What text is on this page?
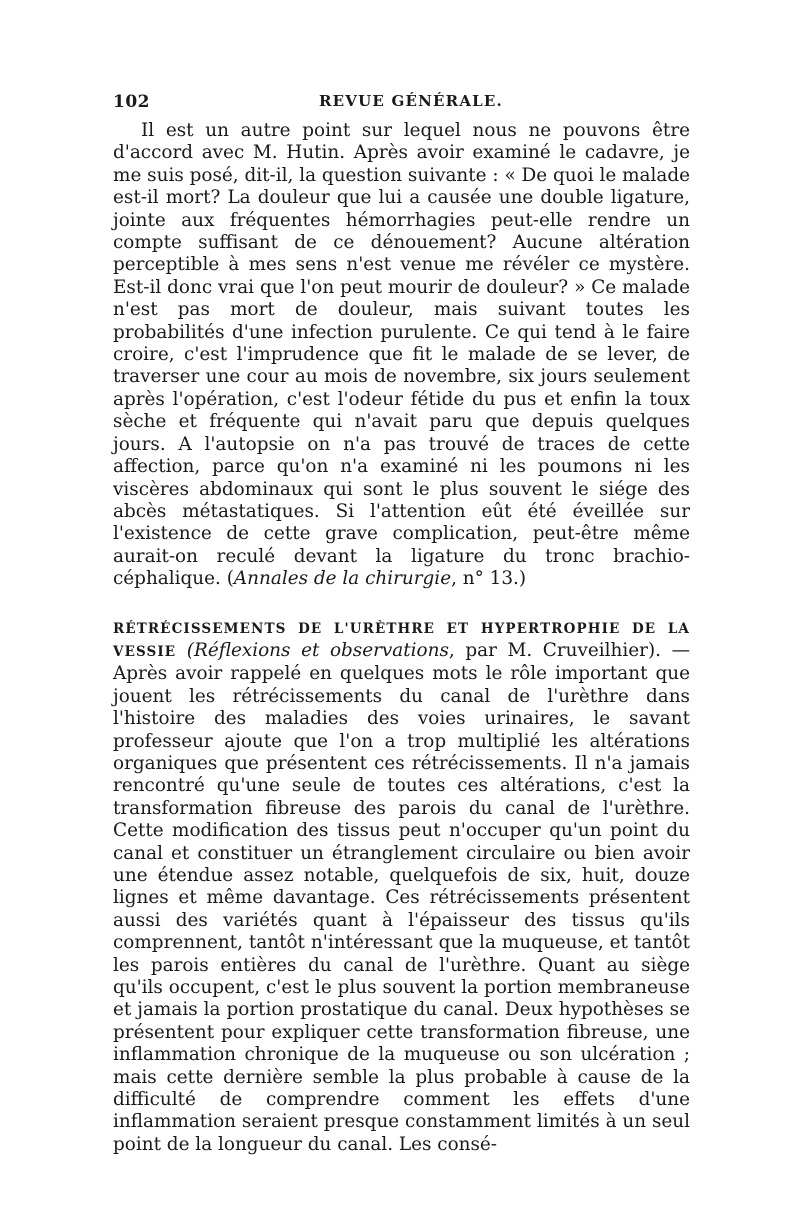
102	REVUE GÉNÉRALE.

Il est un autre point sur lequel nous ne pouvons être d'accord avec M. Hutin. Après avoir examiné le cadavre, je me suis posé, dit-il, la question suivante : « De quoi le malade est-il mort? La douleur que lui a causée une double ligature, jointe aux fréquentes hémorrhagies peut-elle rendre un compte suffisant de ce dénouement? Aucune altération perceptible à mes sens n'est venue me révéler ce mystère. Est-il donc vrai que l'on peut mourir de douleur? » Ce malade n'est pas mort de douleur, mais suivant toutes les probabilités d'une infection purulente. Ce qui tend à le faire croire, c'est l'imprudence que fit le malade de se lever, de traverser une cour au mois de novembre, six jours seulement après l'opération, c'est l'odeur fétide du pus et enfin la toux sèche et fréquente qui n'avait paru que depuis quelques jours. A l'autopsie on n'a pas trouvé de traces de cette affection, parce qu'on n'a examiné ni les poumons ni les viscères abdominaux qui sont le plus souvent le siége des abcès métastatiques. Si l'attention eût été éveillée sur l'existence de cette grave complication, peut-être même aurait-on reculé devant la ligature du tronc brachio-céphalique. (Annales de la chirurgie, n° 13.)

RÉTRÉCISSEMENTS DE L'URÈTHRE ET HYPERTROPHIE DE LA VESSIE (Réflexions et observations, par M. Cruveilhier). — Après avoir rappelé en quelques mots le rôle important que jouent les rétrécissements du canal de l'urèthre dans l'histoire des maladies des voies urinaires, le savant professeur ajoute que l'on a trop multiplié les altérations organiques que présentent ces rétrécissements. Il n'a jamais rencontré qu'une seule de toutes ces altérations, c'est la transformation fibreuse des parois du canal de l'urèthre. Cette modification des tissus peut n'occuper qu'un point du canal et constituer un étranglement circulaire ou bien avoir une étendue assez notable, quelquefois de six, huit, douze lignes et même davantage. Ces rétrécissements présentent aussi des variétés quant à l'épaisseur des tissus qu'ils comprennent, tantôt n'intéressant que la muqueuse, et tantôt les parois entières du canal de l'urèthre. Quant au siège qu'ils occupent, c'est le plus souvent la portion membraneuse et jamais la portion prostatique du canal. Deux hypothèses se présentent pour expliquer cette transformation fibreuse, une inflammation chronique de la muqueuse ou son ulcération ; mais cette dernière semble la plus probable à cause de la difficulté de comprendre comment les effets d'une inflammation seraient presque constamment limités à un seul point de la longueur du canal. Les consé-
